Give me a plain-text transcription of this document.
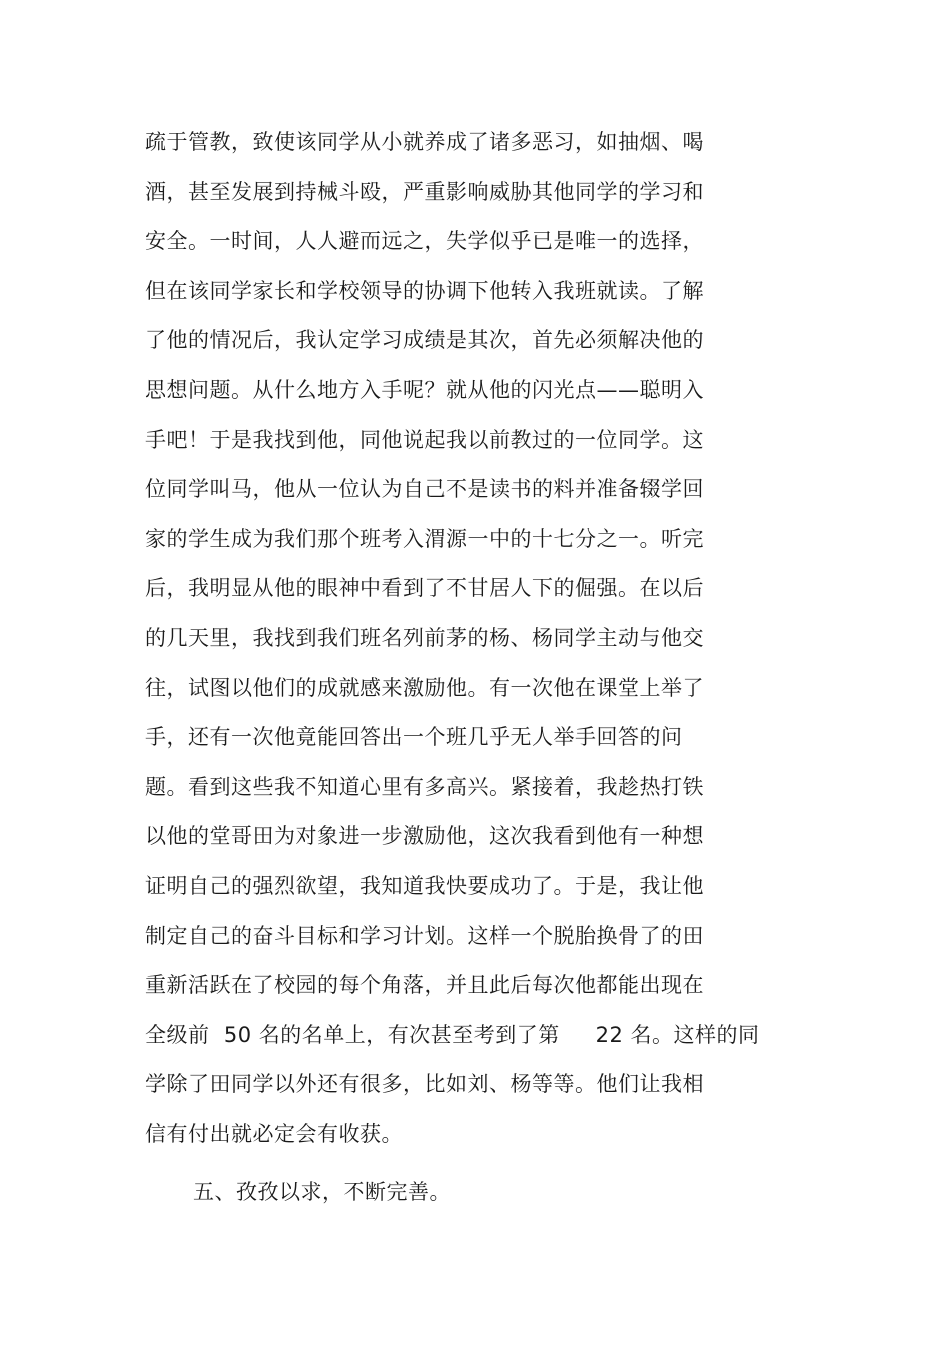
疏于管教，致使该同学从小就养成了诸多恶习，如抽烟、喝
酒，甚至发展到持械斗殴，严重影响威胁其他同学的学习和
安全。一时间，人人避而远之，失学似乎已是唯一的选择，
但在该同学家长和学校领导的协调下他转入我班就读。了解
了他的情况后，我认定学习成绩是其次，首先必须解决他的
思想问题。从什么地方入手呢？就从他的闪光点——聪明入
手吧！于是我找到他，同他说起我以前教过的一位同学。这
位同学叫马，他从一位认为自己不是读书的料并准备辍学回
家的学生成为我们那个班考入渭源一中的十七分之一。听完
后，我明显从他的眼神中看到了不甘居人下的倔强。在以后
的几天里，我找到我们班名列前茅的杨、杨同学主动与他交
往，试图以他们的成就感来激励他。有一次他在课堂上举了
手，还有一次他竟能回答出一个班几乎无人举手回答的问
题。看到这些我不知道心里有多高兴。紧接着，我趁热打铁
以他的堂哥田为对象进一步激励他，这次我看到他有一种想
证明自己的强烈欲望，我知道我快要成功了。于是，我让他
制定自己的奋斗目标和学习计划。这样一个脱胎换骨了的田
重新活跃在了校园的每个角落，并且此后每次他都能出现在
全级前  50 名的名单上，有次甚至考到了第     22 名。这样的同
学除了田同学以外还有很多，比如刘、杨等等。他们让我相
信有付出就必定会有收获。
五、孜孜以求，不断完善。
